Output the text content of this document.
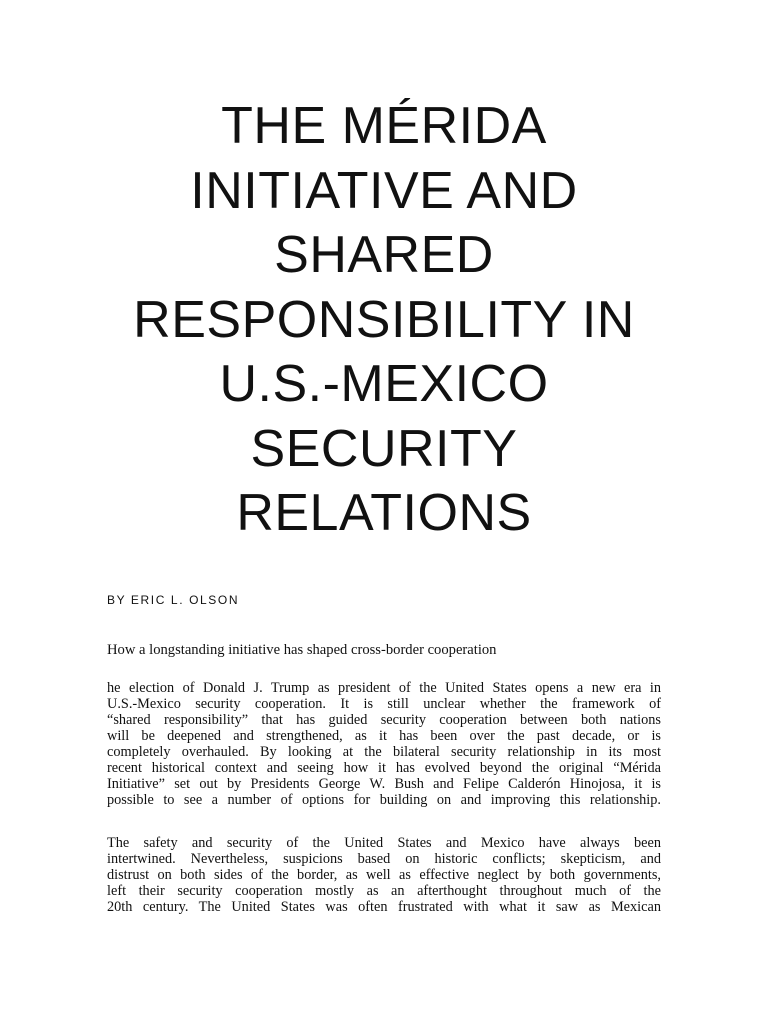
THE MÉRIDA
INITIATIVE AND
SHARED
RESPONSIBILITY IN
U.S.-MEXICO
SECURITY
RELATIONS

BY ERIC L. OLSON

How a longstanding initiative has shaped cross-border cooperation

he election of Donald J. Trump as president of the United States opens a new era in
U.S.-Mexico security cooperation. It is still unclear whether the framework of
“shared responsibility” that has guided security cooperation between both nations
will be deepened and strengthened, as it has been over the past decade, or is
completely overhauled. By looking at the bilateral security relationship in its most
recent historical context and seeing how it has evolved beyond the original “Mérida
Initiative” set out by Presidents George W. Bush and Felipe Calderón Hinojosa, it is
possible to see a number of options for building on and improving this relationship.
The safety and security of the United States and Mexico have always been
intertwined. Nevertheless, suspicions based on historic conflicts; skepticism, and
distrust on both sides of the border, as well as effective neglect by both governments,
left their security cooperation mostly as an afterthought throughout much of the
20th century. The United States was often frustrated with what it saw as Mexican
